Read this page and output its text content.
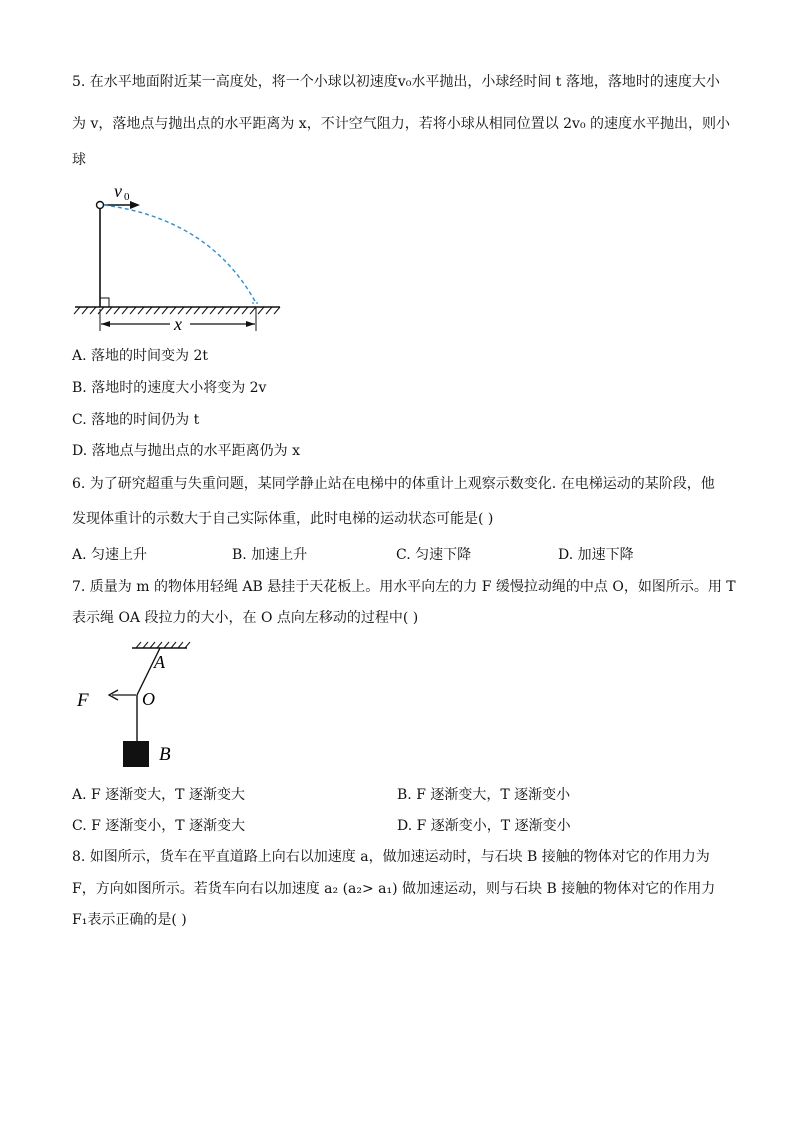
5. 在水平地面附近某一高度处，将一个小球以初速度v₀水平抛出，小球经时间 t 落地，落地时的速度大小
为 v，落地点与抛出点的水平距离为 x，不计空气阻力，若将小球从相同位置以 2v₀ 的速度水平抛出，则小
球
v 0
x
A. 落地的时间变为 2t
B. 落地时的速度大小将变为 2v
C. 落地的时间仍为 t
D. 落地点与抛出点的水平距离仍为 x
6. 为了研究超重与失重问题，某同学静止站在电梯中的体重计上观察示数变化. 在电梯运动的某阶段，他
发现体重计的示数大于自己实际体重，此时电梯的运动状态可能是( )
A. 匀速上升	B. 加速上升	C. 匀速下降	D. 加速下降
7. 质量为 m 的物体用轻绳 AB 悬挂于天花板上。用水平向左的力 F 缓慢拉动绳的中点 O，如图所示。用 T
表示绳 OA 段拉力的大小，在 O 点向左移动的过程中( )
A
O
F
B
A. F 逐渐变大，T 逐渐变大	B. F 逐渐变大，T 逐渐变小
C. F 逐渐变小，T 逐渐变大	D. F 逐渐变小，T 逐渐变小
8. 如图所示，货车在平直道路上向右以加速度 a，做加速运动时，与石块 B 接触的物体对它的作用力为
F，方向如图所示。若货车向右以加速度 a₂ (a₂> a₁) 做加速运动，则与石块 B 接触的物体对它的作用力
F₁表示正确的是( )
